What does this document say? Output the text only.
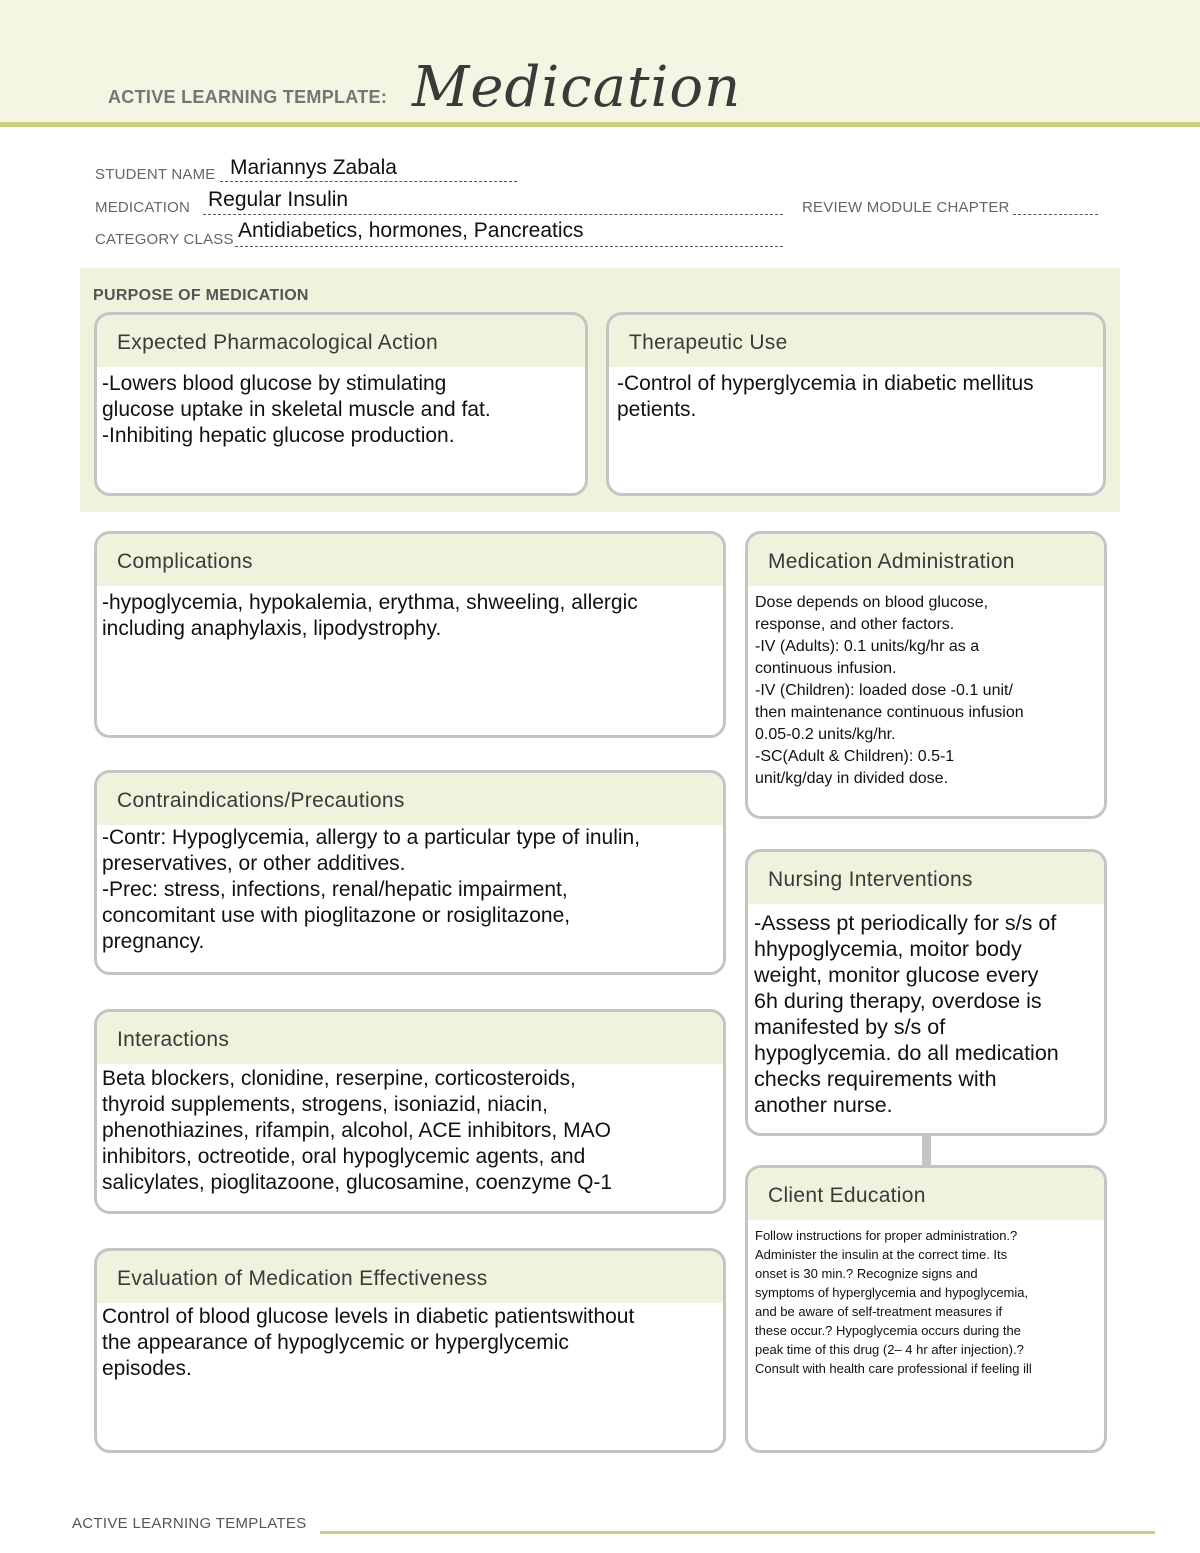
ACTIVE LEARNING TEMPLATE: Medication
STUDENT NAME Mariannys Zabala
MEDICATION Regular Insulin	REVIEW MODULE CHAPTER
CATEGORY CLASS Antidiabetics, hormones, Pancreatics
PURPOSE OF MEDICATION
Expected Pharmacological Action
-Lowers blood glucose by stimulating
glucose uptake in skeletal muscle and fat.
-Inhibiting hepatic glucose production.
Therapeutic Use
-Control of hyperglycemia in diabetic mellitus
petients.
Complications
-hypoglycemia, hypokalemia, erythma, shweeling, allergic
including anaphylaxis, lipodystrophy.
Contraindications/Precautions
-Contr: Hypoglycemia, allergy to a particular type of inulin,
preservatives, or other additives.
-Prec: stress, infections, renal/hepatic impairment,
concomitant use with pioglitazone or rosiglitazone,
pregnancy.
Interactions
Beta blockers, clonidine, reserpine, corticosteroids,
thyroid supplements, strogens, isoniazid, niacin,
phenothiazines, rifampin, alcohol, ACE inhibitors, MAO
inhibitors, octreotide, oral hypoglycemic agents, and
salicylates, pioglitazoone, glucosamine, coenzyme Q-1
Evaluation of Medication Effectiveness
Control of blood glucose levels in diabetic patientswithout
the appearance of hypoglycemic or hyperglycemic
episodes.
Medication Administration
Dose depends on blood glucose,
response, and other factors.
-IV (Adults): 0.1 units/kg/hr as a
continuous infusion.
-IV (Children): loaded dose -0.1 unit/
then maintenance continuous infusion
0.05-0.2 units/kg/hr.
-SC(Adult & Children): 0.5-1
unit/kg/day in divided dose.
Nursing Interventions
-Assess pt periodically for s/s of
hhypoglycemia, moitor body
weight, monitor glucose every
6h during therapy, overdose is
manifested by s/s of
hypoglycemia. do all medication
checks requirements with
another nurse.
Client Education
Follow instructions for proper administration.?
Administer the insulin at the correct time. Its
onset is 30 min.? Recognize signs and
symptoms of hyperglycemia and hypoglycemia,
and be aware of self-treatment measures if
these occur.? Hypoglycemia occurs during the
peak time of this drug (2– 4 hr after injection).?
Consult with health care professional if feeling ill
ACTIVE LEARNING TEMPLATES
